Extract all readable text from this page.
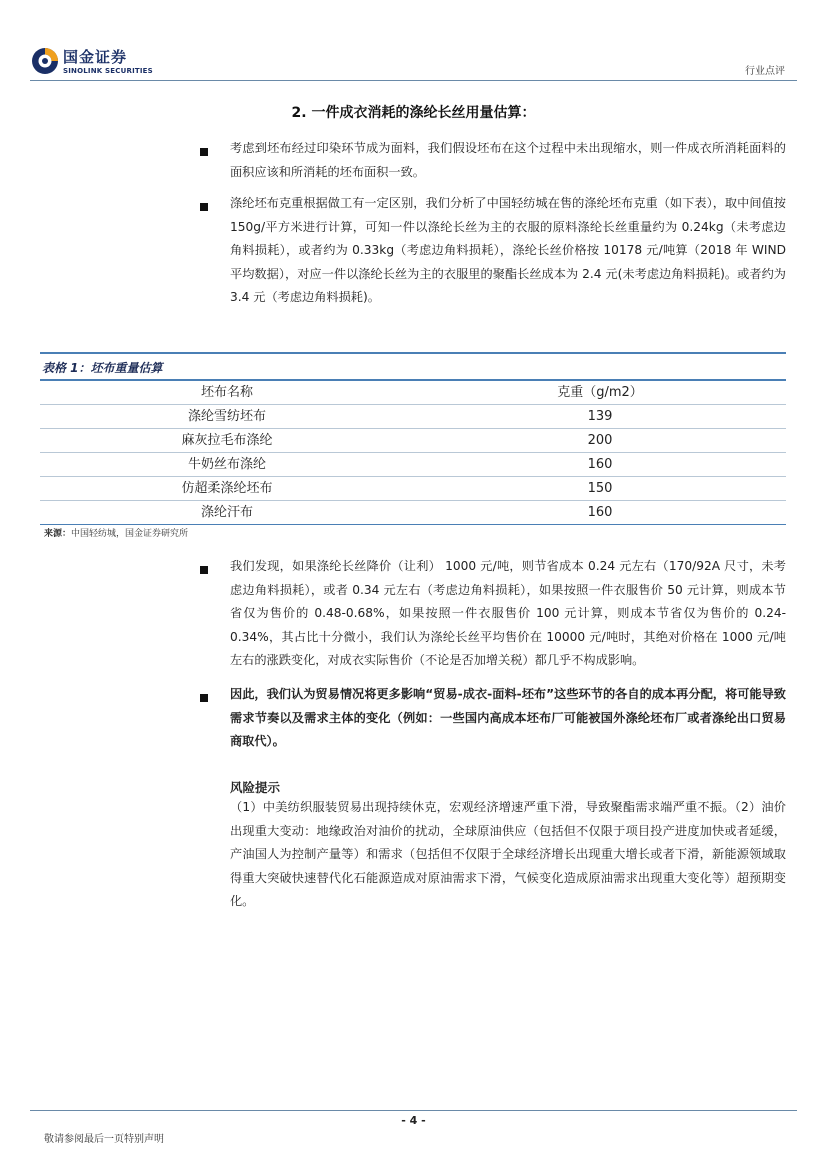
国金证券
SINOLINK SECURITIES	行业点评
2. 一件成衣消耗的涤纶长丝用量估算：
考虑到坯布经过印染环节成为面料，我们假设坯布在这个过程中未出现缩水，则一件成衣所消耗面料的面积应该和所消耗的坯布面积一致。
涤纶坯布克重根据做工有一定区别，我们分析了中国轻纺城在售的涤纶坯布克重（如下表），取中间值按 150g/平方米进行计算，可知一件以涤纶长丝为主的衣服的原料涤纶长丝重量约为 0.24kg（未考虑边角料损耗），或者约为 0.33kg（考虑边角料损耗），涤纶长丝价格按 10178 元/吨算（2018 年 WIND 平均数据），对应一件以涤纶长丝为主的衣服里的聚酯长丝成本为 2.4 元(未考虑边角料损耗)。或者约为 3.4 元（考虑边角料损耗)。
表格 1：坯布重量估算
坯布名称	克重（g/m2）
涤纶雪纺坯布	139
麻灰拉毛布涤纶	200
牛奶丝布涤纶	160
仿超柔涤纶坯布	150
涤纶汗布	160
来源：中国轻纺城，国金证券研究所
我们发现，如果涤纶长丝降价（让利） 1000 元/吨，则节省成本 0.24 元左右（170/92A 尺寸，未考虑边角料损耗），或者 0.34 元左右（考虑边角料损耗），如果按照一件衣服售价 50 元计算，则成本节省仅为售价的 0.48-0.68%，如果按照一件衣服售价 100 元计算，则成本节省仅为售价的 0.24-0.34%，其占比十分微小，我们认为涤纶长丝平均售价在 10000 元/吨时，其绝对价格在 1000 元/吨左右的涨跌变化，对成衣实际售价（不论是否加增关税）都几乎不构成影响。
因此，我们认为贸易情况将更多影响“贸易-成衣-面料-坯布”这些环节的各自的成本再分配，将可能导致需求节奏以及需求主体的变化（例如：一些国内高成本坯布厂可能被国外涤纶坯布厂或者涤纶出口贸易商取代）。
风险提示
（1）中美纺织服装贸易出现持续休克，宏观经济增速严重下滑，导致聚酯需求端严重不振。（2）油价出现重大变动：地缘政治对油价的扰动，全球原油供应（包括但不仅限于项目投产进度加快或者延缓，产油国人为控制产量等）和需求（包括但不仅限于全球经济增长出现重大增长或者下滑，新能源领域取得重大突破快速替代化石能源造成对原油需求下滑，气候变化造成原油需求出现重大变化等）超预期变化。
- 4 -
敬请参阅最后一页特别声明
